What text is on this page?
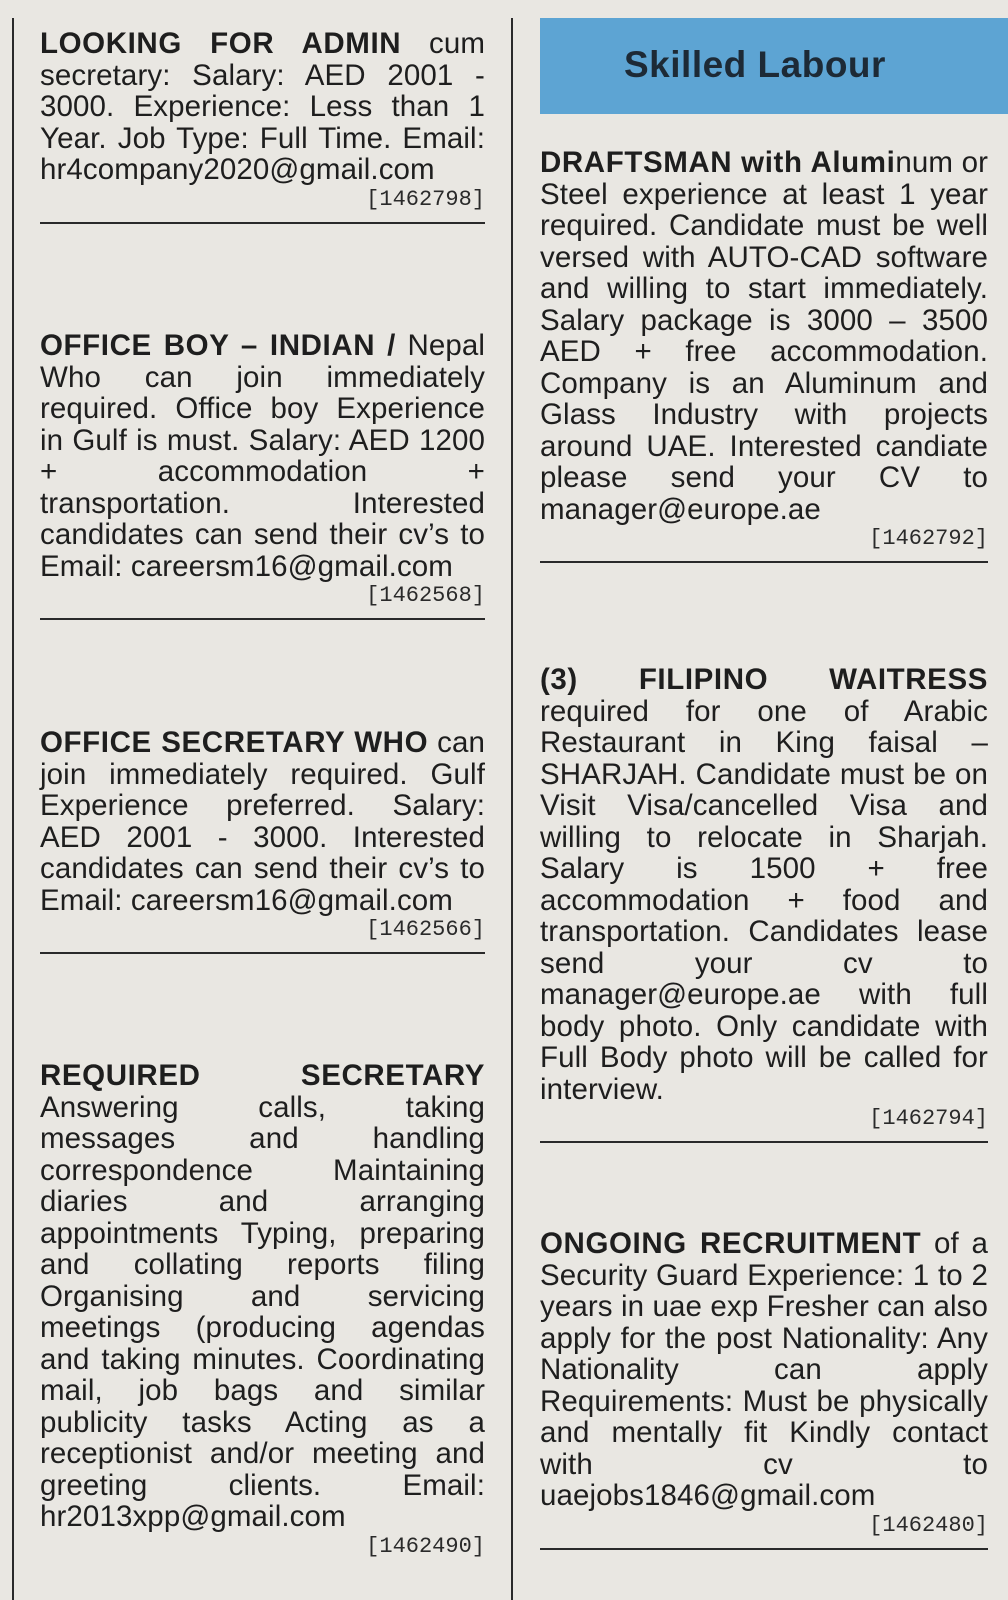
LOOKING FOR ADMIN cum secretary: Salary: AED 2001 - 3000. Experience: Less than 1 Year. Job Type: Full Time. Email: hr4company2020@gmail.com

[1462798]

OFFICE BOY – INDIAN / Nepal Who can join immediately required. Office boy Experience in Gulf is must. Salary: AED 1200 + accommodation + transportation. Interested candidates can send their cv’s to Email: careersm16@gmail.com

[1462568]

OFFICE SECRETARY WHO can join immediately required. Gulf Experience preferred. Salary: AED 2001 - 3000. Interested candidates can send their cv’s to Email: careersm16@gmail.com

[1462566]

REQUIRED SECRETARY Answering calls, taking messages and handling correspondence Maintaining diaries and arranging appointments Typing, preparing and collating reports filing Organising and servicing meetings (producing agendas and taking minutes. Coordinating mail, job bags and similar publicity tasks Acting as a receptionist and/or meeting and greeting clients. Email: hr2013xpp@gmail.com

[1462490]
Skilled Labour

DRAFTSMAN with Aluminum or Steel experience at least 1 year required. Candidate must be well versed with AUTO-CAD software and willing to start immediately. Salary package is 3000 – 3500 AED + free accommodation. Company is an Aluminum and Glass Industry with projects around UAE. Interested candiate please send your CV to manager@europe.ae

[1462792]

(3) FILIPINO WAITRESS required for one of Arabic Restaurant in King faisal – SHARJAH. Candidate must be on Visit Visa/cancelled Visa and willing to relocate in Sharjah. Salary is 1500 + free accommodation + food and transportation. Candidates lease send your cv to manager@europe.ae with full body photo. Only candidate with Full Body photo will be called for interview.

[1462794]

ONGOING RECRUITMENT of a Security Guard Experience: 1 to 2 years in uae exp Fresher can also apply for the post Nationality: Any Nationality can apply Requirements: Must be physically and mentally fit Kindly contact with cv to uaejobs1846@gmail.com

[1462480]
